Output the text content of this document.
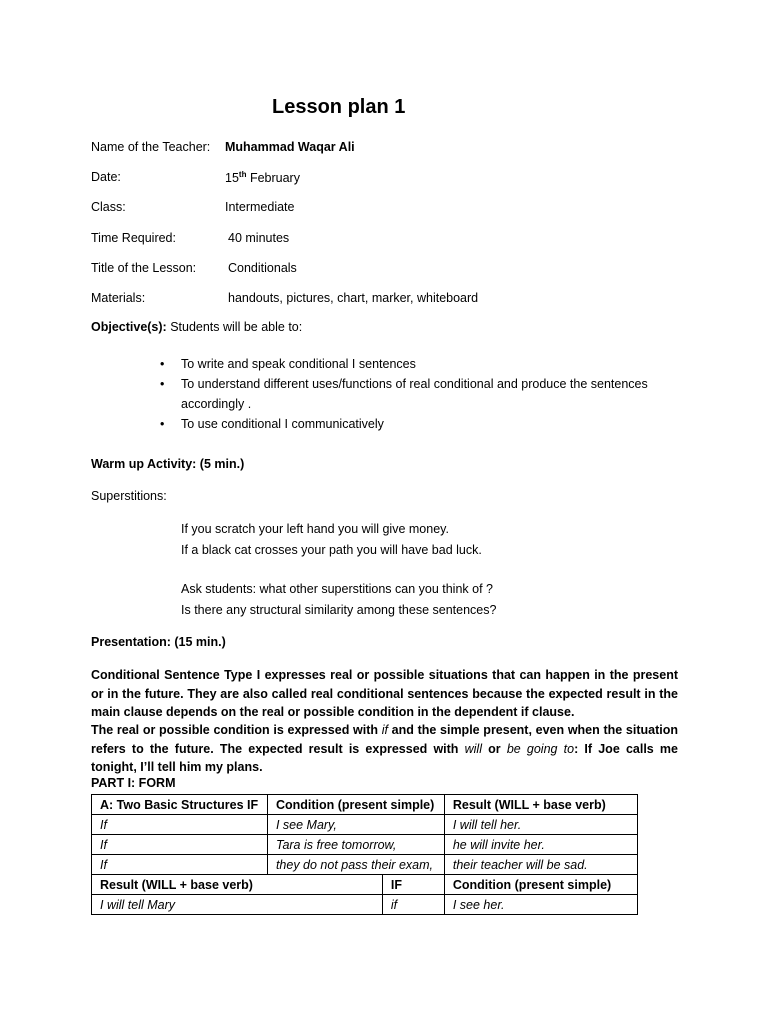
Lesson plan 1
Name of the Teacher: Muhammad Waqar Ali
Date:	15th February
Class:	Intermediate
Time Required:	40 minutes
Title of the Lesson:	Conditionals
Materials:	handouts, pictures, chart, marker, whiteboard
Objective(s): Students will be able to:
• To write and speak conditional I sentences
• To understand different uses/functions of real conditional and produce the sentences accordingly .
• To use conditional I communicatively
Warm up Activity: (5 min.)
Superstitions:
If you scratch your left hand you will give money.
If a black cat crosses your path you will have bad luck.
Ask students: what other superstitions can you think of ?
Is there any structural similarity among these sentences?
Presentation: (15 min.)

Conditional Sentence Type I expresses real or possible situations that can happen in the present or in the future. They are also called real conditional sentences because the expected result in the main clause depends on the real or possible condition in the dependent if clause.

The real or possible condition is expressed with if and the simple present, even when the situation refers to the future. The expected result is expressed with will or be going to: If Joe calls me tonight, I’ll tell him my plans.

PART I: FORM
A: Two Basic Structures IF	Condition (present simple)		Result (WILL + base verb)
If	I see Mary,		I will tell her.
If	Tara is free tomorrow,		he will invite her.
If	they do not pass their exam,		their teacher will be sad.
Result (WILL + base verb)		IF	Condition (present simple)
I will tell Mary		if	I see her.
